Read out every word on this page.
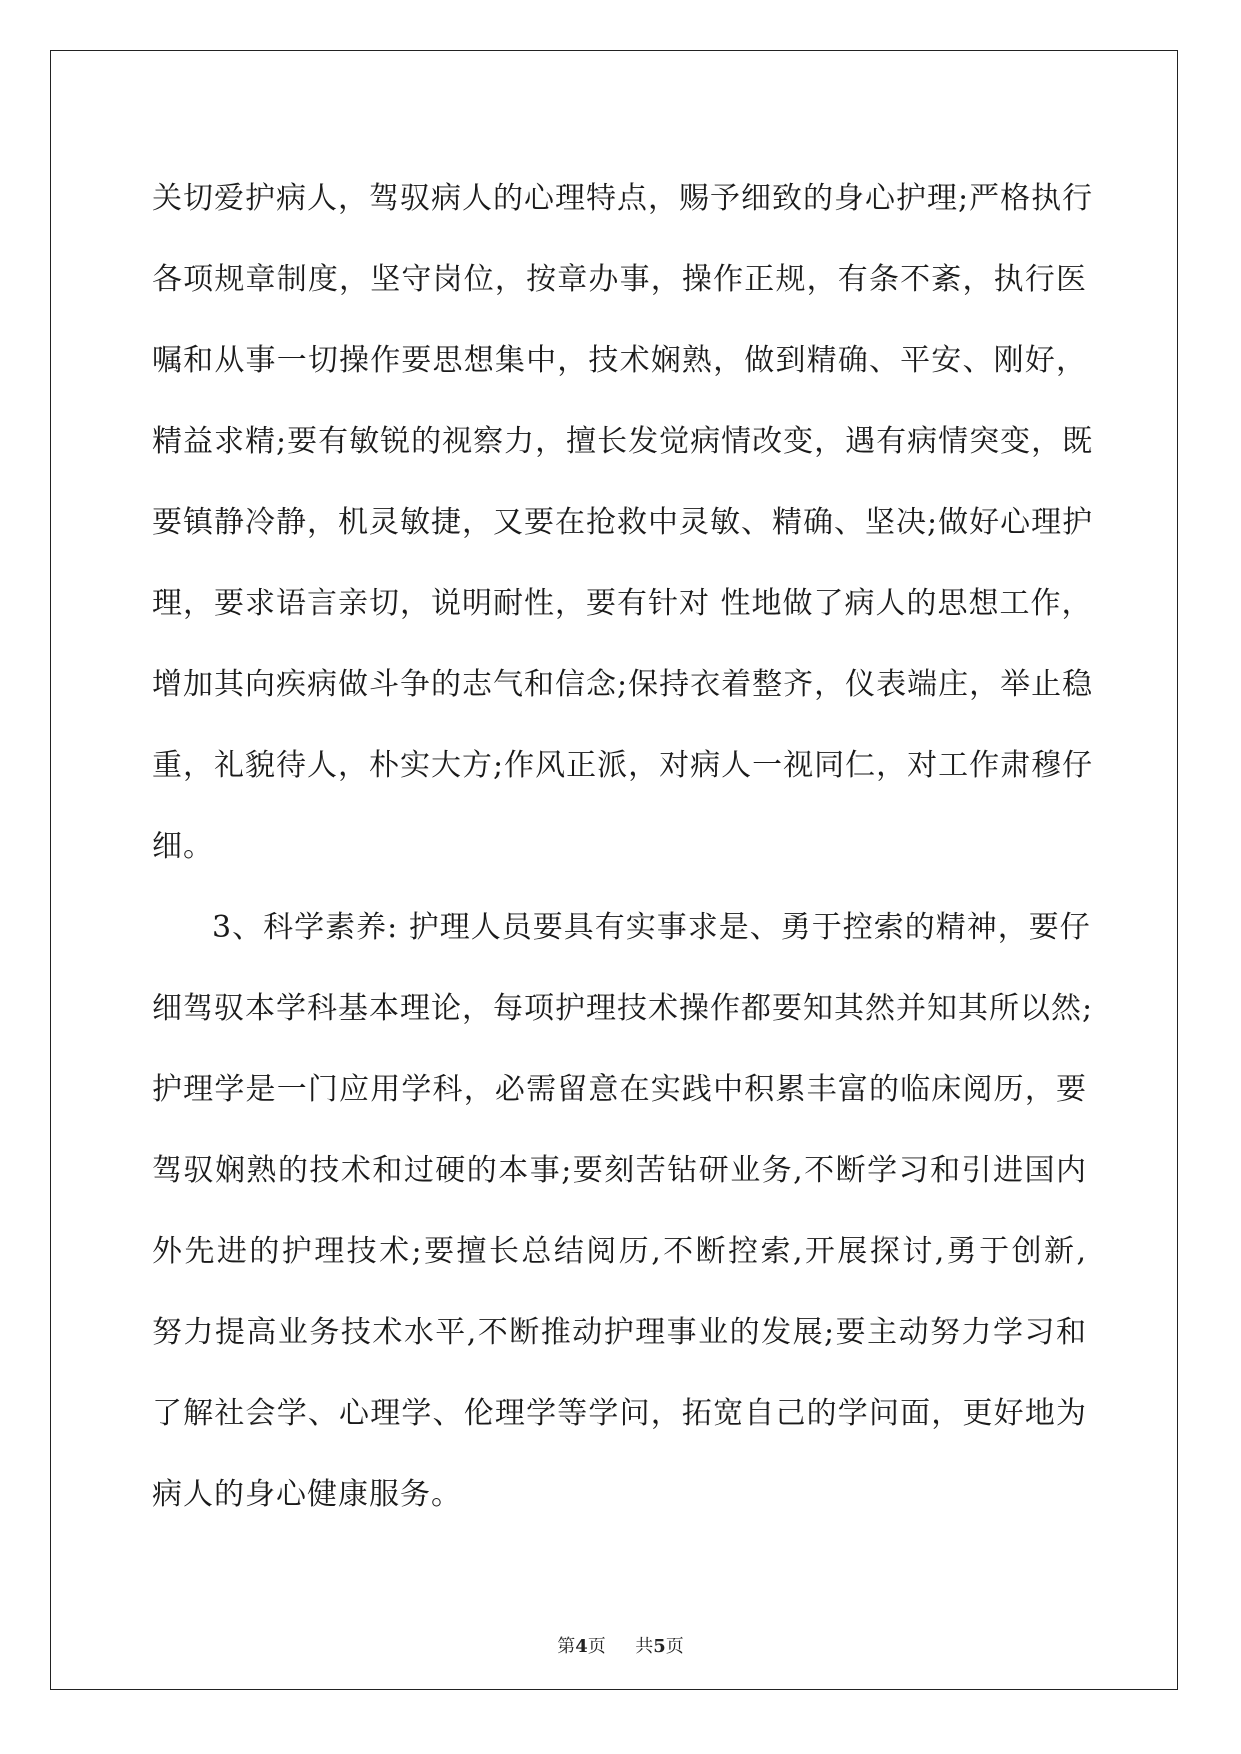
关切爱护病人，驾驭病人的心理特点，赐予细致的身心护理;严格执行
各项规章制度，坚守岗位，按章办事，操作正规，有条不紊，执行医
嘱和从事一切操作要思想集中，技术娴熟，做到精确、平安、刚好，
精益求精;要有敏锐的视察力，擅长发觉病情改变，遇有病情突变，既
要镇静冷静，机灵敏捷，又要在抢救中灵敏、精确、坚决;做好心理护
理，要求语言亲切，说明耐性，要有针对 性地做了病人的思想工作，
增加其向疾病做斗争的志气和信念;保持衣着整齐，仪表端庄，举止稳
重，礼貌待人，朴实大方;作风正派，对病人一视同仁，对工作肃穆仔
细。
3、科学素养: 护理人员要具有实事求是、勇于控索的精神，要仔
细驾驭本学科基本理论，每项护理技术操作都要知其然并知其所以然;
护理学是一门应用学科，必需留意在实践中积累丰富的临床阅历，要
驾驭娴熟的技术和过硬的本事;要刻苦钻研业务,不断学习和引进国内
外先进的护理技术;要擅长总结阅历,不断控索,开展探讨,勇于创新,
努力提高业务技术水平,不断推动护理事业的发展;要主动努力学习和
了解社会学、心理学、伦理学等学问，拓宽自己的学问面，更好地为
病人的身心健康服务。
第4页 共5页
